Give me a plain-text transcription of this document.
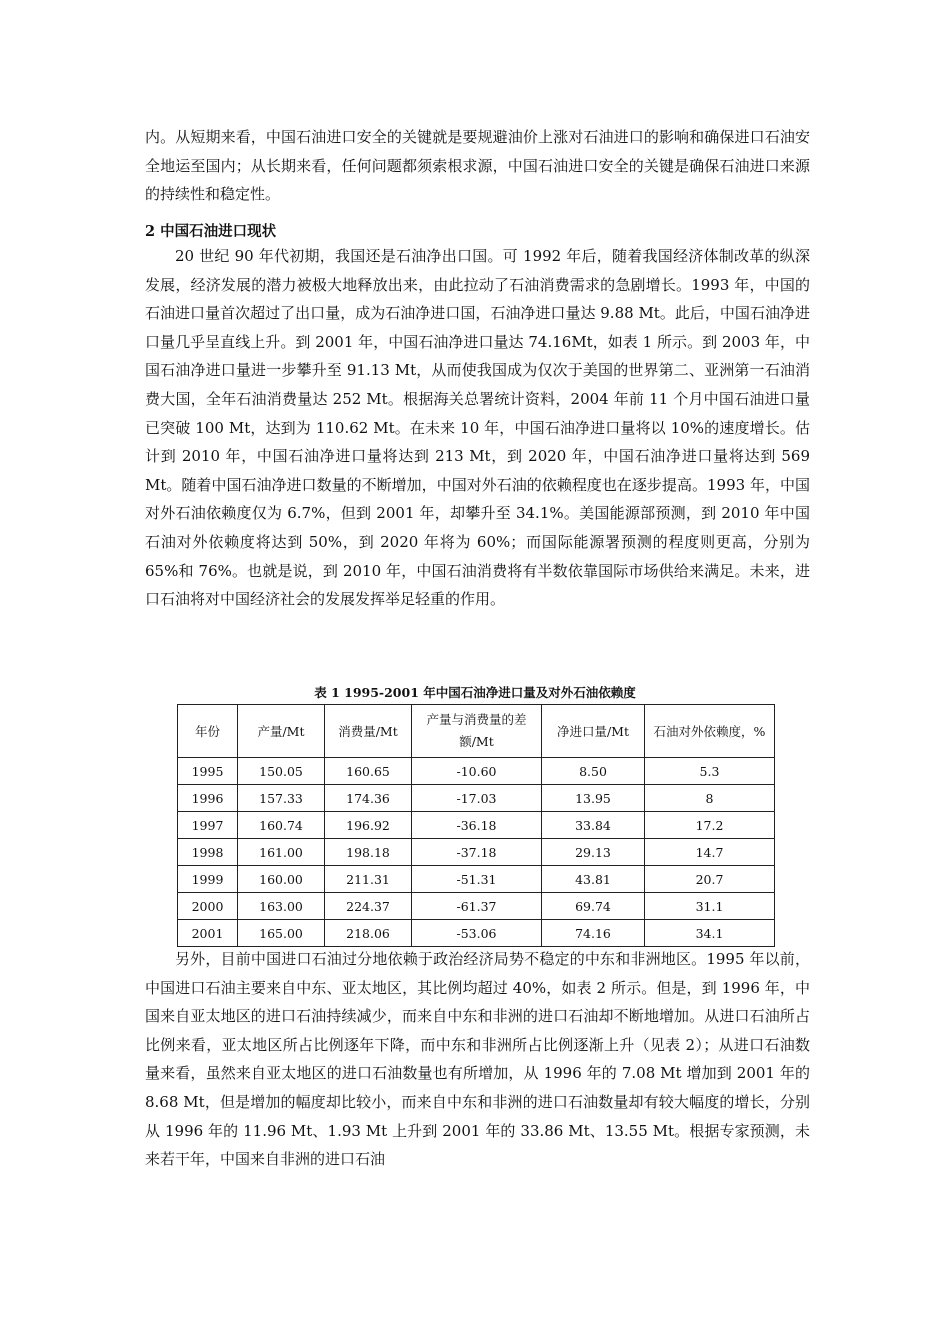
内。从短期来看，中国石油进口安全的关键就是要规避油价上涨对石油进口的影响和确保进口石油安全地运至国内；从长期来看，任何问题都须索根求源，中国石油进口安全的关键是确保石油进口来源的持续性和稳定性。

2 中国石油进口现状

20 世纪 90 年代初期，我国还是石油净出口国。可 1992 年后，随着我国经济体制改革的纵深发展，经济发展的潜力被极大地释放出来，由此拉动了石油消费需求的急剧增长。1993 年，中国的石油进口量首次超过了出口量，成为石油净进口国，石油净进口量达 9.88 Mt。此后，中国石油净进口量几乎呈直线上升。到 2001 年，中国石油净进口量达 74.16Mt，如表 1 所示。到 2003 年，中国石油净进口量进一步攀升至 91.13 Mt，从而使我国成为仅次于美国的世界第二、亚洲第一石油消费大国，全年石油消费量达 252 Mt。根据海关总署统计资料，2004 年前 11 个月中国石油进口量已突破 100 Mt，达到为 110.62 Mt。在未来 10 年，中国石油净进口量将以 10%的速度增长。估计到 2010 年，中国石油净进口量将达到 213 Mt，到 2020 年，中国石油净进口量将达到 569 Mt。随着中国石油净进口数量的不断增加，中国对外石油的依赖程度也在逐步提高。1993 年，中国对外石油依赖度仅为 6.7%，但到 2001 年，却攀升至 34.1%。美国能源部预测，到 2010 年中国石油对外依赖度将达到 50%，到 2020 年将为 60%；而国际能源署预测的程度则更高，分别为 65%和 76%。也就是说，到 2010 年，中国石油消费将有半数依靠国际市场供给来满足。未来，进口石油将对中国经济社会的发展发挥举足轻重的作用。

表 1 1995-2001 年中国石油净进口量及对外石油依赖度

年份	产量/Mt	消费量/Mt	产量与消费量的差
额/Mt	净进口量/Mt	石油对外依赖度，%
1995	150.05	160.65	-10.60	8.50	5.3
1996	157.33	174.36	-17.03	13.95	8
1997	160.74	196.92	-36.18	33.84	17.2
1998	161.00	198.18	-37.18	29.13	14.7
1999	160.00	211.31	-51.31	43.81	20.7
2000	163.00	224.37	-61.37	69.74	31.1
2001	165.00	218.06	-53.06	74.16	34.1

另外，目前中国进口石油过分地依赖于政治经济局势不稳定的中东和非洲地区。1995 年以前，中国进口石油主要来自中东、亚太地区，其比例均超过 40%，如表 2 所示。但是，到 1996 年，中国来自亚太地区的进口石油持续减少，而来自中东和非洲的进口石油却不断地增加。从进口石油所占比例来看，亚太地区所占比例逐年下降，而中东和非洲所占比例逐渐上升（见表 2）；从进口石油数量来看，虽然来自亚太地区的进口石油数量也有所增加，从 1996 年的 7.08 Mt 增加到 2001 年的 8.68 Mt，但是增加的幅度却比较小，而来自中东和非洲的进口石油数量却有较大幅度的增长，分别从 1996 年的 11.96 Mt、1.93 Mt 上升到 2001 年的 33.86 Mt、13.55 Mt。根据专家预测，未来若干年，中国来自非洲的进口石油
